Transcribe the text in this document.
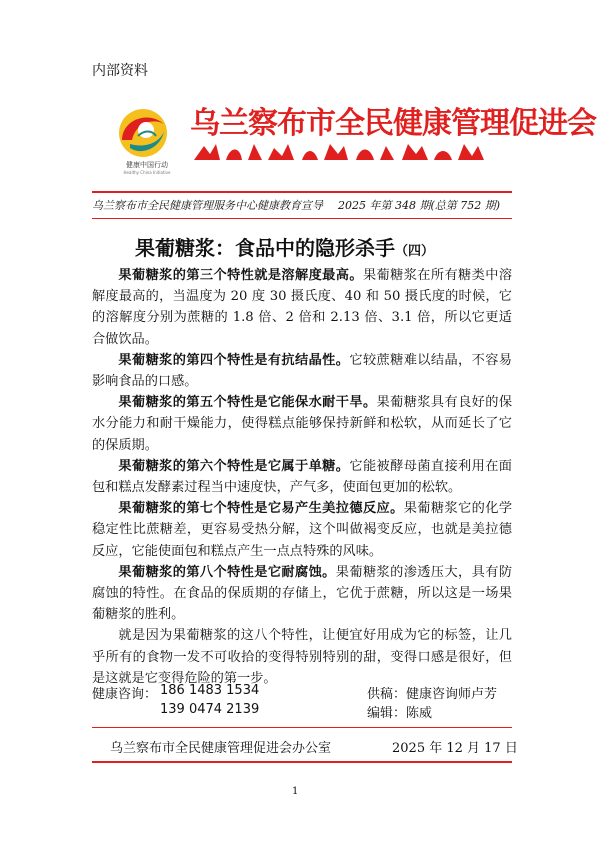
内部资料
健康中国行动
Healthy China Initiative
乌兰察布市全民健康管理促进会
乌兰察布市全民健康管理服务中心健康教育宣导 2025 年第 348 期(总第 752 期)
果葡糖浆：食品中的隐形杀手（四）

果葡糖浆的第三个特性就是溶解度最高。果葡糖浆在所有糖类中溶解度最高的，当温度为 20 度 30 摄氏度、40 和 50 摄氏度的时候，它的溶解度分别为蔗糖的 1.8 倍、2 倍和 2.13 倍、3.1 倍，所以它更适合做饮品。

果葡糖浆的第四个特性是有抗结晶性。它较蔗糖难以结晶，不容易影响食品的口感。

果葡糖浆的第五个特性是它能保水耐干旱。果葡糖浆具有良好的保水分能力和耐干燥能力，使得糕点能够保持新鲜和松软，从而延长了它的保质期。

果葡糖浆的第六个特性是它属于单糖。它能被酵母菌直接利用在面包和糕点发酵素过程当中速度快，产气多，使面包更加的松软。

果葡糖浆的第七个特性是它易产生美拉德反应。果葡糖浆它的化学稳定性比蔗糖差，更容易受热分解，这个叫做褐变反应，也就是美拉德反应，它能使面包和糕点产生一点点特殊的风味。

果葡糖浆的第八个特性是它耐腐蚀。果葡糖浆的渗透压大，具有防腐蚀的特性。在食品的保质期的存储上，它优于蔗糖，所以这是一场果葡糖浆的胜利。

就是因为果葡糖浆的这八个特性，让便宜好用成为它的标签，让几乎所有的食物一发不可收拾的变得特别特别的甜，变得口感是很好，但是这就是它变得危险的第一步。

健康咨询： 186 1483 1534
139 0474 2139
供稿：健康咨询师卢芳
编辑：陈威
乌兰察布市全民健康管理促进会办公室	2025 年 12 月 17 日
1
